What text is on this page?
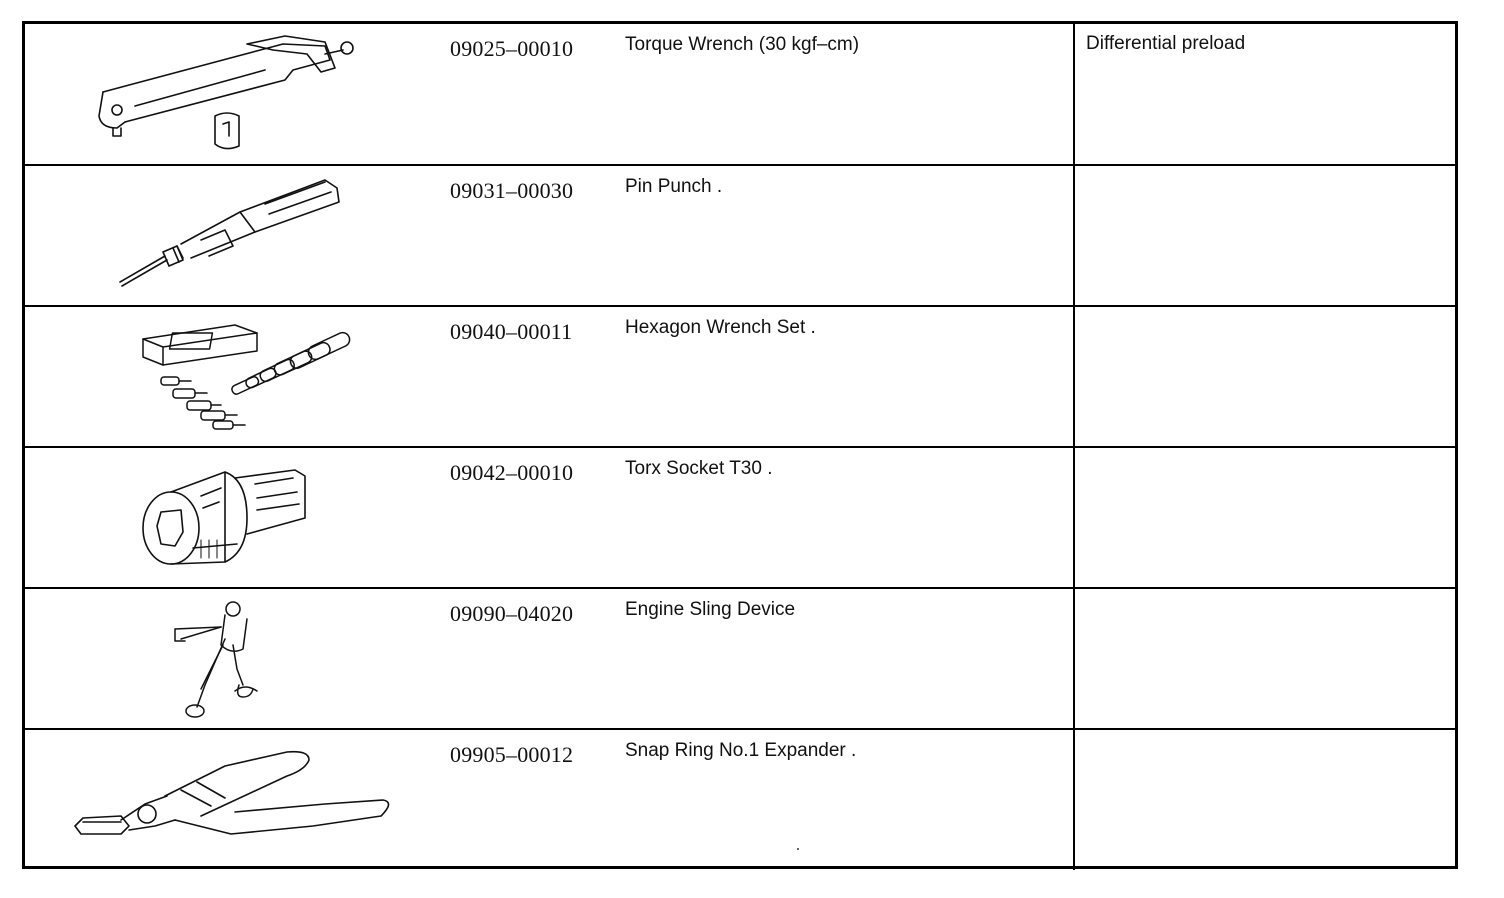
09025–00010 Torque Wrench (30 kgf–cm)	Differential preload

09031–00030 Pin Punch .	

09040–00011 Hexagon Wrench Set .	

09042–00010 Torx Socket T30 .	

09090–04020 Engine Sling Device	

09905–00012 Snap Ring No.1 Expander .	
